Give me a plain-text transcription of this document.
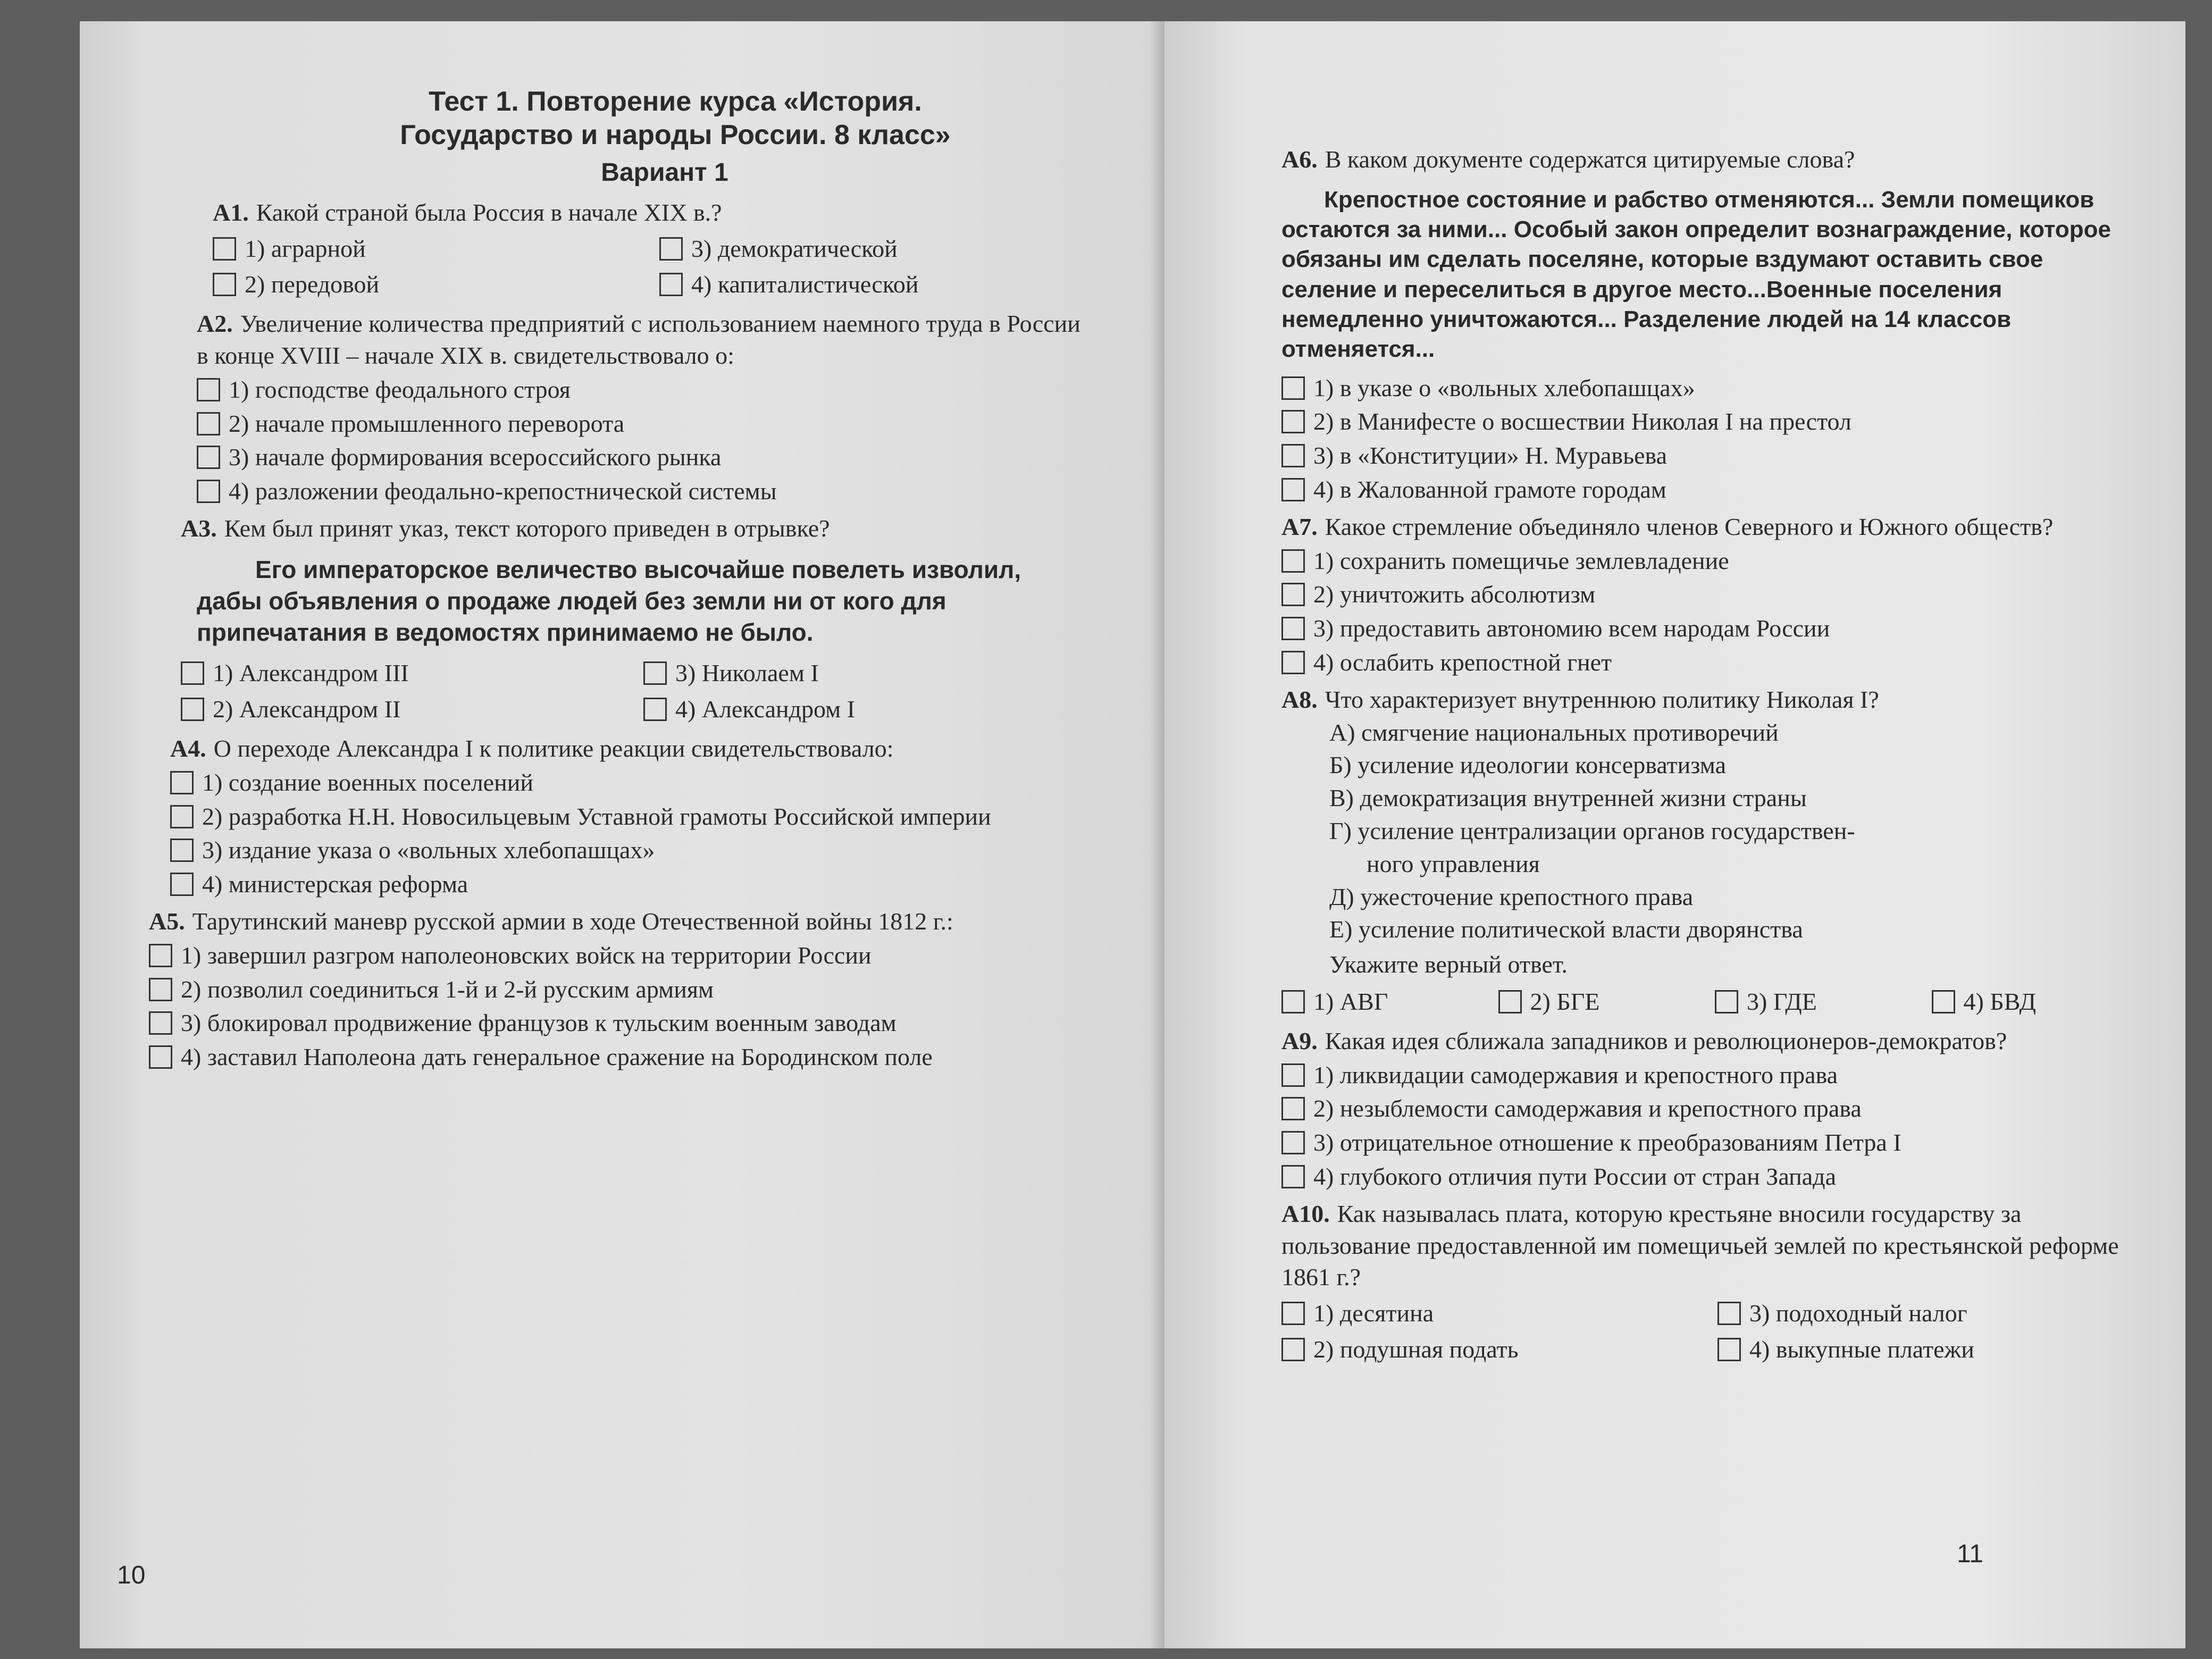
Тест 1. Повторение курса «История.
Государство и народы России. 8 класс»
Вариант 1

А1. Какой страной была Россия в начале XIX в.?

1) аграрной	3) демократической
2) передовой	4) капиталистической

А2. Увеличение количества предприятий с использованием наемного труда в России в конце XVIII – начале XIX в. свидетельствовало о:

1) господстве феодального строя
2) начале промышленного переворота
3) начале формирования всероссийского рынка
4) разложении феодально-крепостнической системы

А3. Кем был принят указ, текст которого приведен в отрывке?

Его императорское величество высочайше повелеть изволил, дабы объявления о продаже людей без земли ни от кого для припечатания в ведомостях принимаемо не было.

1) Александром III	3) Николаем I
2) Александром II	4) Александром I

А4. О переходе Александра I к политике реакции свидетельствовало:

1) создание военных поселений
2) разработка Н.Н. Новосильцевым Уставной грамоты Российской империи
3) издание указа о «вольных хлебопашцах»
4) министерская реформа

А5. Тарутинский маневр русской армии в ходе Отечественной войны 1812 г.:

1) завершил разгром наполеоновских войск на территории России
2) позволил соединиться 1-й и 2-й русским армиям
3) блокировал продвижение французов к тульским военным заводам
4) заставил Наполеона дать генеральное сражение на Бородинском поле
10

А6. В каком документе содержатся цитируемые слова?

Крепостное состояние и рабство отменяются... Земли помещиков остаются за ними... Особый закон определит вознаграждение, которое обязаны им сделать поселяне, которые вздумают оставить свое селение и переселиться в другое место...Военные поселения немедленно уничтожаются... Разделение людей на 14 классов отменяется...

1) в указе о «вольных хлебопашцах»
2) в Манифесте о восшествии Николая I на престол
3) в «Конституции» Н. Муравьева
4) в Жалованной грамоте городам

А7. Какое стремление объединяло членов Северного и Южного обществ?

1) сохранить помещичье землевладение
2) уничтожить абсолютизм
3) предоставить автономию всем народам России
4) ослабить крепостной гнет

А8. Что характеризует внутреннюю политику Николая I?

А) смягчение национальных противоречий
Б) усиление идеологии консерватизма
В) демократизация внутренней жизни страны
Г) усиление централизации органов государствен-
ного управления
Д) ужесточение крепостного права
Е) усиление политической власти дворянства
Укажите верный ответ.
1) АВГ	2) БГЕ	3) ГДЕ	4) БВД

А9. Какая идея сближала западников и революционеров-демократов?

1) ликвидации самодержавия и крепостного права
2) незыблемости самодержавия и крепостного права
3) отрицательное отношение к преобразованиям Петра I
4) глубокого отличия пути России от стран Запада

А10. Как называлась плата, которую крестьяне вносили государству за пользование предоставленной им помещичьей землей по крестьянской реформе 1861 г.?

1) десятина	3) подоходный налог
2) подушная подать	4) выкупные платежи
11
